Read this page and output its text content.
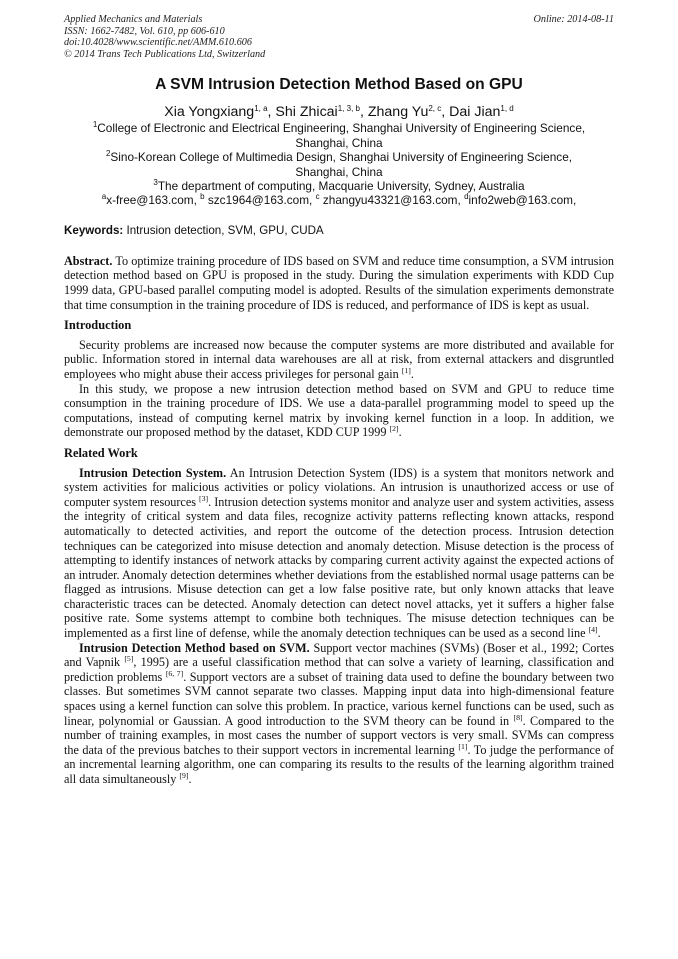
Applied Mechanics and Materials
ISSN: 1662-7482, Vol. 610, pp 606-610
doi:10.4028/www.scientific.net/AMM.610.606
© 2014 Trans Tech Publications Ltd, Switzerland
Online: 2014-08-11
A SVM Intrusion Detection Method Based on GPU
Xia Yongxiang$^{1, a}$, Shi Zhicai$^{1, 3, b}$, Zhang Yu$^{2, c}$, Dai Jian$^{1, d}$
$^1$College of Electronic and Electrical Engineering, Shanghai University of Engineering Science,
Shanghai, China
$^2$Sino-Korean College of Multimedia Design, Shanghai University of Engineering Science,
Shanghai, China
$^3$The department of computing, Macquarie University, Sydney, Australia
$^a$x-free@163.com, $^b$ szc1964@163.com, $^c$ zhangyu43321@163.com, $^d$info2web@163.com,
Keywords: Intrusion detection, SVM, GPU, CUDA

Abstract. To optimize training procedure of IDS based on SVM and reduce time consumption, a SVM intrusion detection method based on GPU is proposed in the study. During the simulation experiments with KDD Cup 1999 data, GPU-based parallel computing model is adopted. Results of the simulation experiments demonstrate that time consumption in the training procedure of IDS is reduced, and performance of IDS is kept as usual.

Introduction

Security problems are increased now because the computer systems are more distributed and available for public. Information stored in internal data warehouses are all at risk, from external attackers and disgruntled employees who might abuse their access privileges for personal gain [1].

In this study, we propose a new intrusion detection method based on SVM and GPU to reduce time consumption in the training procedure of IDS. We use a data-parallel programming model to speed up the computations, instead of computing kernel matrix by invoking kernel function in a loop. In addition, we demonstrate our proposed method by the dataset, KDD CUP 1999 [2].

Related Work

Intrusion Detection System. An Intrusion Detection System (IDS) is a system that monitors network and system activities for malicious activities or policy violations. An intrusion is unauthorized access or use of computer system resources [3]. Intrusion detection systems monitor and analyze user and system activities, assess the integrity of critical system and data files, recognize activity patterns reflecting known attacks, respond automatically to detected activities, and report the outcome of the detection process. Intrusion detection techniques can be categorized into misuse detection and anomaly detection. Misuse detection is the process of attempting to identify instances of network attacks by comparing current activity against the expected actions of an intruder. Anomaly detection determines whether deviations from the established normal usage patterns can be flagged as intrusions. Misuse detection can get a low false positive rate, but only known attacks that leave characteristic traces can be detected. Anomaly detection can detect novel attacks, yet it suffers a higher false positive rate. Some systems attempt to combine both techniques. The misuse detection techniques can be implemented as a first line of defense, while the anomaly detection techniques can be used as a second line [4].

Intrusion Detection Method based on SVM. Support vector machines (SVMs) (Boser et al., 1992; Cortes and Vapnik [5], 1995) are a useful classification method that can solve a variety of learning, classification and prediction problems [6, 7]. Support vectors are a subset of training data used to define the boundary between two classes. But sometimes SVM cannot separate two classes. Mapping input data into high-dimensional feature spaces using a kernel function can solve this problem. In practice, various kernel functions can be used, such as linear, polynomial or Gaussian. A good introduction to the SVM theory can be found in [8]. Compared to the number of training examples, in most cases the number of support vectors is very small. SVMs can compress the data of the previous batches to their support vectors in incremental learning [1]. To judge the performance of an incremental learning algorithm, one can comparing its results to the results of the learning algorithm trained all data simultaneously [9].
